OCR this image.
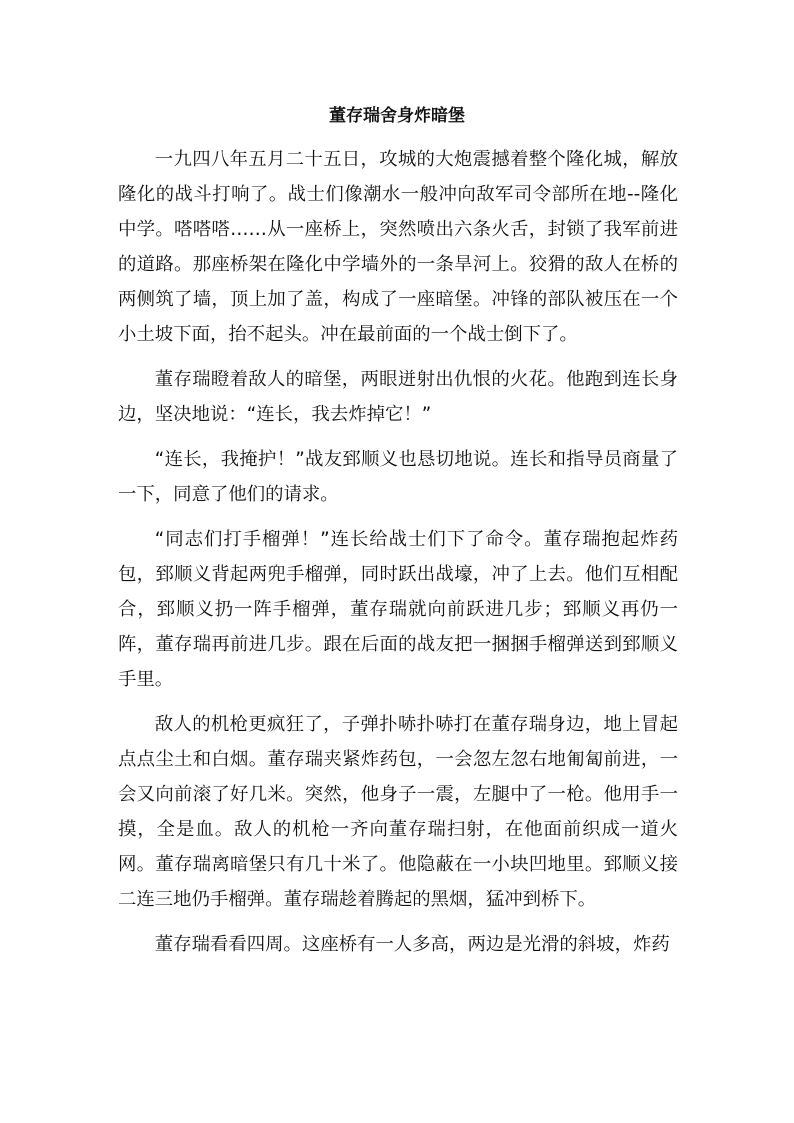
董存瑞舍身炸暗堡

一九四八年五月二十五日，攻城的大炮震撼着整个隆化城，解放隆化的战斗打响了。战士们像潮水一般冲向敌军司令部所在地--隆化中学。嗒嗒嗒……从一座桥上，突然喷出六条火舌，封锁了我军前进的道路。那座桥架在隆化中学墙外的一条旱河上。狡猾的敌人在桥的两侧筑了墙，顶上加了盖，构成了一座暗堡。冲锋的部队被压在一个小土坡下面，抬不起头。冲在最前面的一个战士倒下了。

董存瑞瞪着敌人的暗堡，两眼迸射出仇恨的火花。他跑到连长身边，坚决地说：“连长，我去炸掉它！”

“连长，我掩护！”战友郅顺义也恳切地说。连长和指导员商量了一下，同意了他们的请求。

“同志们打手榴弹！”连长给战士们下了命令。董存瑞抱起炸药包，郅顺义背起两兜手榴弹，同时跃出战壕，冲了上去。他们互相配合，郅顺义扔一阵手榴弹，董存瑞就向前跃进几步；郅顺义再仍一阵，董存瑞再前进几步。跟在后面的战友把一捆捆手榴弹送到郅顺义手里。

敌人的机枪更疯狂了，子弹扑哧扑哧打在董存瑞身边，地上冒起点点尘土和白烟。董存瑞夹紧炸药包，一会忽左忽右地匍匐前进，一会又向前滚了好几米。突然，他身子一震，左腿中了一枪。他用手一摸，全是血。敌人的机枪一齐向董存瑞扫射，在他面前织成一道火网。董存瑞离暗堡只有几十米了。他隐蔽在一小块凹地里。郅顺义接二连三地仍手榴弹。董存瑞趁着腾起的黑烟，猛冲到桥下。

董存瑞看看四周。这座桥有一人多高，两边是光滑的斜坡，炸药
